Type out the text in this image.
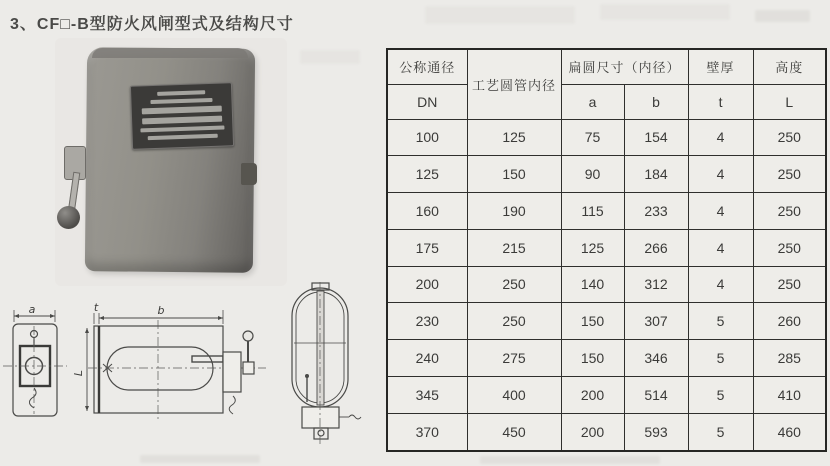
3、CF□-B型防火风闸型式及结构尺寸
a	t	b
L
公称通径	工艺圆管内径	扁圆尺寸（内径）		壁厚	高度
DN		a	b	t	L
100	125	75	154	4	250
125	150	90	184	4	250
160	190	115	233	4	250
175	215	125	266	4	250
200	250	140	312	4	250
230	250	150	307	5	260
240	275	150	346	5	285
345	400	200	514	5	410
370	450	200	593	5	460
